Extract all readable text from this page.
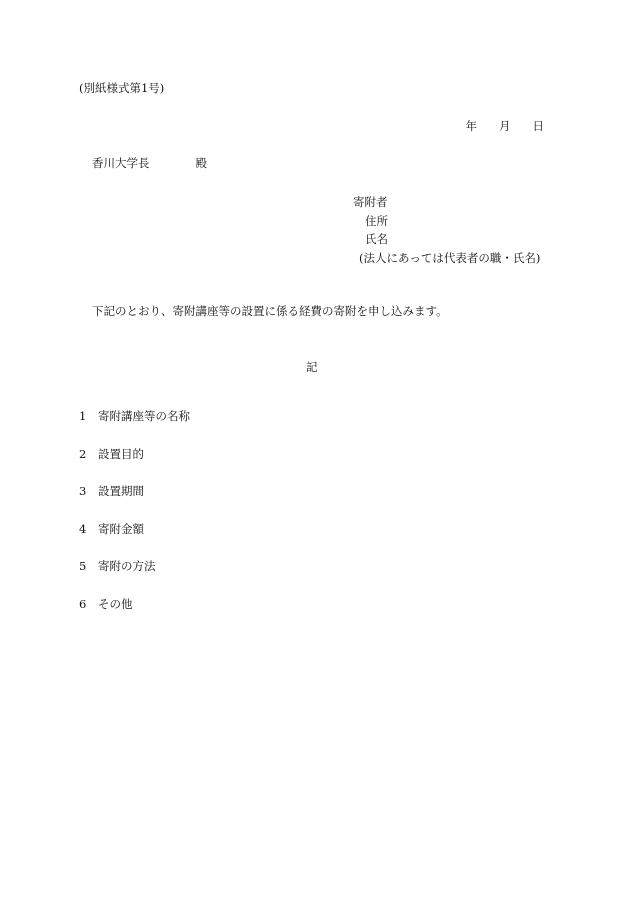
(別紙様式第1号)
年 月 日
香川大学長	殿
寄附者
住所
氏名
(法人にあっては代表者の職・氏名)
下記のとおり、寄附講座等の設置に係る経費の寄附を申し込みます。
記
1	寄附講座等の名称
2	設置目的
3	設置期間
4	寄附金額
5	寄附の方法
6	その他
